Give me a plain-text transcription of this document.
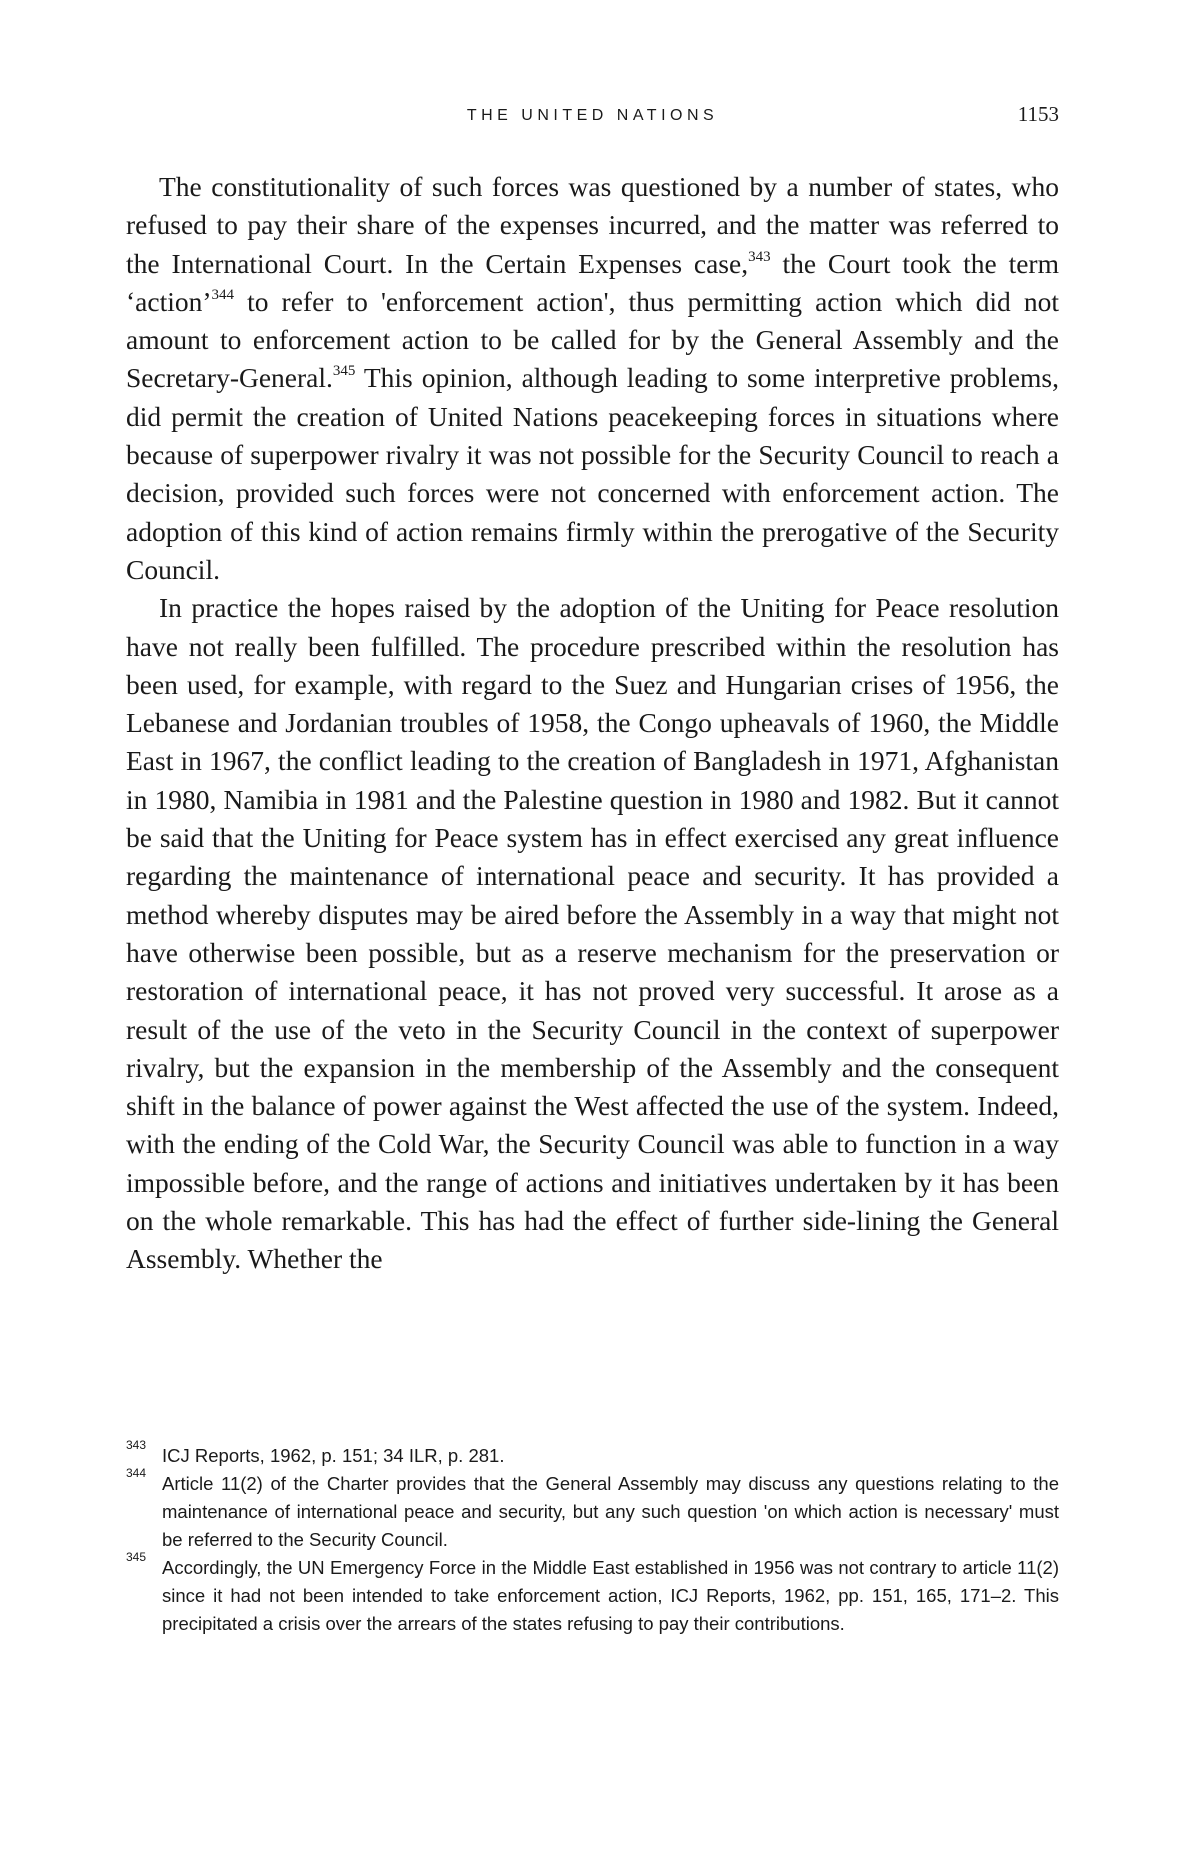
THE UNITED NATIONS	1153

The constitutionality of such forces was questioned by a number of states, who refused to pay their share of the expenses incurred, and the matter was referred to the International Court. In the Certain Expenses case,$^{343}$ the Court took the term ‘action’$^{344}$ to refer to 'enforcement action', thus permitting action which did not amount to enforcement action to be called for by the General Assembly and the Secretary-General.$^{345}$ This opinion, although leading to some interpretive problems, did permit the creation of United Nations peacekeeping forces in situations where because of superpower rivalry it was not possible for the Security Council to reach a decision, provided such forces were not concerned with enforcement action. The adoption of this kind of action remains firmly within the prerogative of the Security Council.

In practice the hopes raised by the adoption of the Uniting for Peace resolution have not really been fulfilled. The procedure prescribed within the resolution has been used, for example, with regard to the Suez and Hungarian crises of 1956, the Lebanese and Jordanian troubles of 1958, the Congo upheavals of 1960, the Middle East in 1967, the conflict leading to the creation of Bangladesh in 1971, Afghanistan in 1980, Namibia in 1981 and the Palestine question in 1980 and 1982. But it cannot be said that the Uniting for Peace system has in effect exercised any great influence regarding the maintenance of international peace and security. It has provided a method whereby disputes may be aired before the Assembly in a way that might not have otherwise been possible, but as a reserve mechanism for the preservation or restoration of international peace, it has not proved very successful. It arose as a result of the use of the veto in the Security Council in the context of superpower rivalry, but the expansion in the membership of the Assembly and the consequent shift in the balance of power against the West affected the use of the system. Indeed, with the ending of the Cold War, the Security Council was able to function in a way impossible before, and the range of actions and initiatives undertaken by it has been on the whole remarkable. This has had the effect of further side-lining the General Assembly. Whether the

343 ICJ Reports, 1962, p. 151; 34 ILR, p. 281.
344 Article 11(2) of the Charter provides that the General Assembly may discuss any questions relating to the maintenance of international peace and security, but any such question 'on which action is necessary' must be referred to the Security Council.
345 Accordingly, the UN Emergency Force in the Middle East established in 1956 was not contrary to article 11(2) since it had not been intended to take enforcement action, ICJ Reports, 1962, pp. 151, 165, 171–2. This precipitated a crisis over the arrears of the states refusing to pay their contributions.
